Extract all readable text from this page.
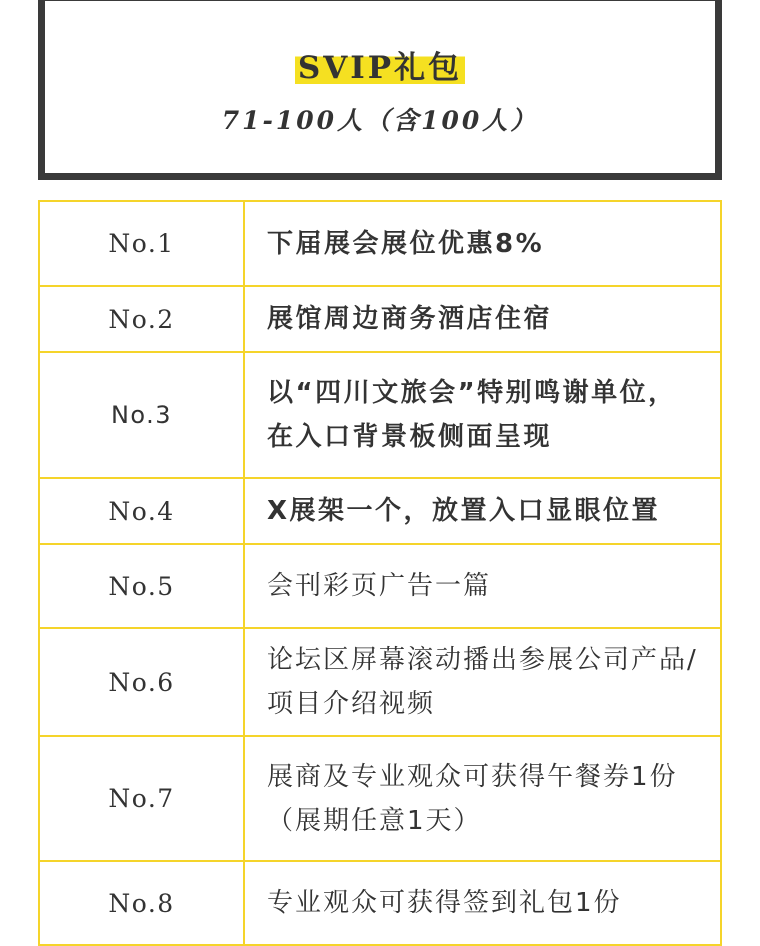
SVIP礼包
71-100人（含100人）
No.1	下届展会展位优惠8%
No.2	展馆周边商务酒店住宿
No.3	以“四川文旅会”特别鸣谢单位，在入口背景板侧面呈现
No.4	X展架一个，放置入口显眼位置
No.5	会刊彩页广告一篇
No.6	论坛区屏幕滚动播出参展公司产品/项目介绍视频
No.7	展商及专业观众可获得午餐券1份（展期任意1天）
No.8	专业观众可获得签到礼包1份
